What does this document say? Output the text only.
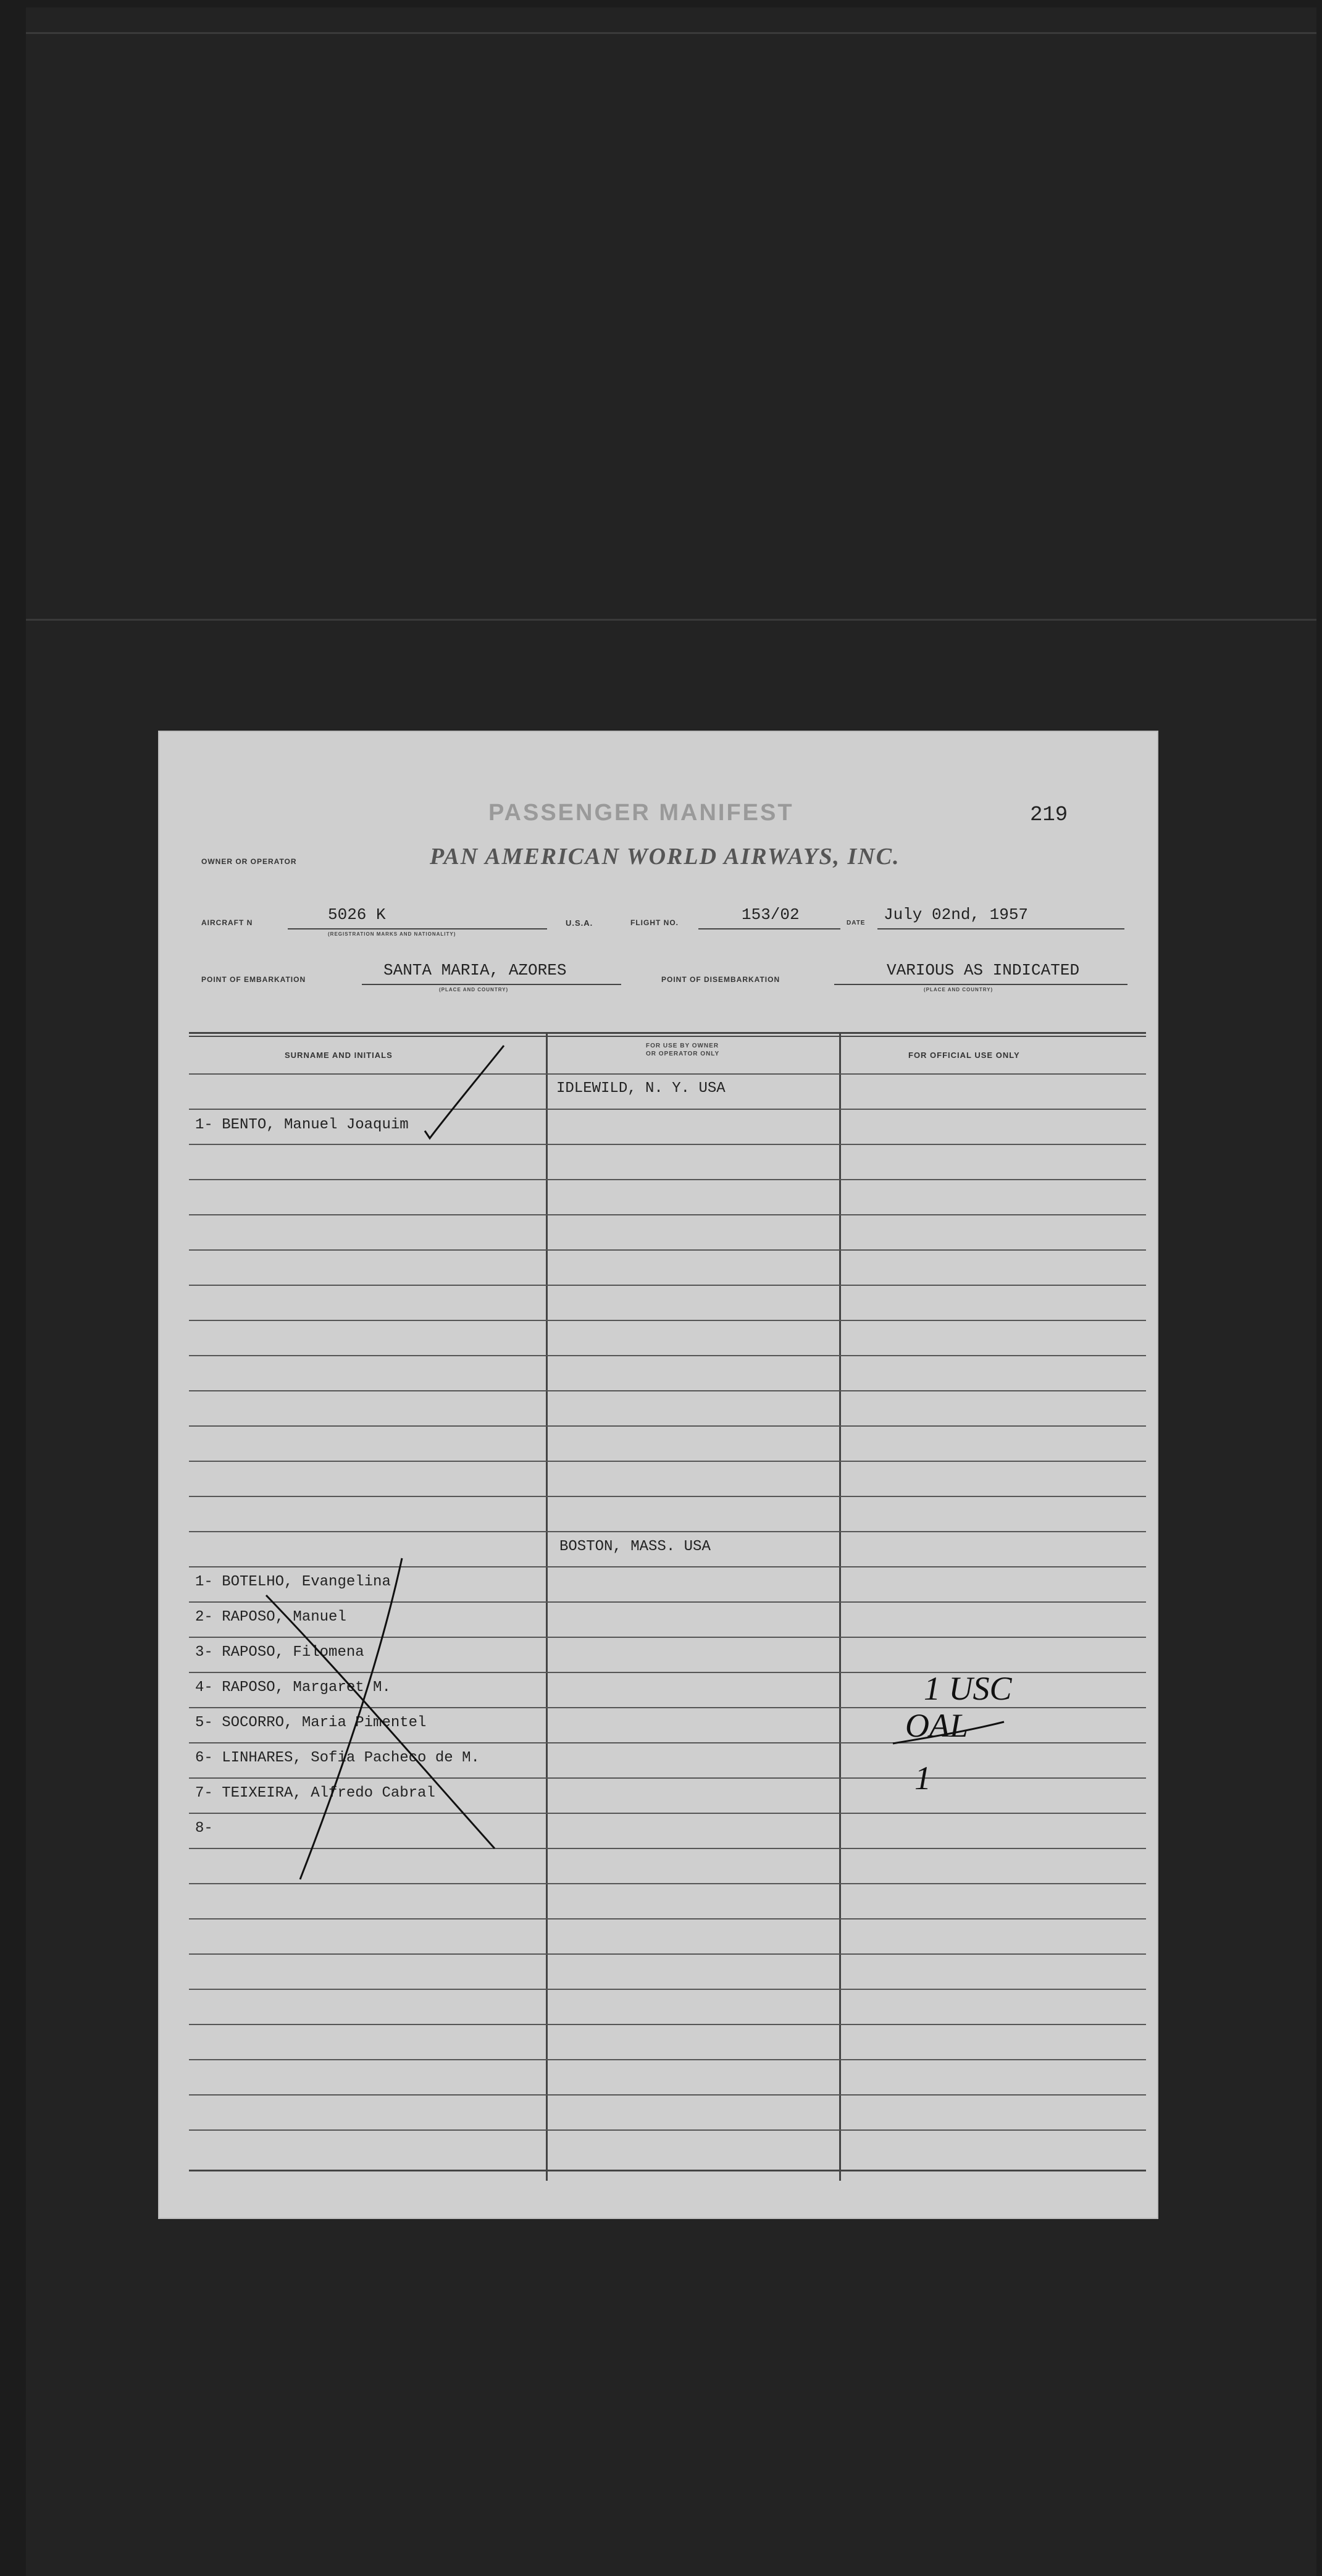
PASSENGER MANIFEST	219
OWNER OR OPERATOR	PAN AMERICAN WORLD AIRWAYS, INC.
AIRCRAFT N	5026 K
(REGISTRATION MARKS AND NATIONALITY)
U.S.A.	FLIGHT NO.	153/02	DATE July 02nd, 1957
POINT OF EMBARKATION	SANTA MARIA, AZORES
(PLACE AND COUNTRY)
POINT OF DISEMBARKATION	VARIOUS AS INDICATED
(PLACE AND COUNTRY)
SURNAME AND INITIALS
FOR USE BY OWNER
OR OPERATOR ONLY	FOR OFFICIAL USE ONLY
IDLEWILD, N. Y. USA
1- BENTO, Manuel Joaquim
BOSTON, MASS. USA
1- BOTELHO, Evangelina
2- RAPOSO, Manuel
3- RAPOSO, Filomena
4- RAPOSO, Margaret M.
5- SOCORRO, Maria Pimentel
6- LINHARES, Sofia Pacheco de M.
7- TEIXEIRA, Alfredo Cabral
8-
1 USC
OAL
1
